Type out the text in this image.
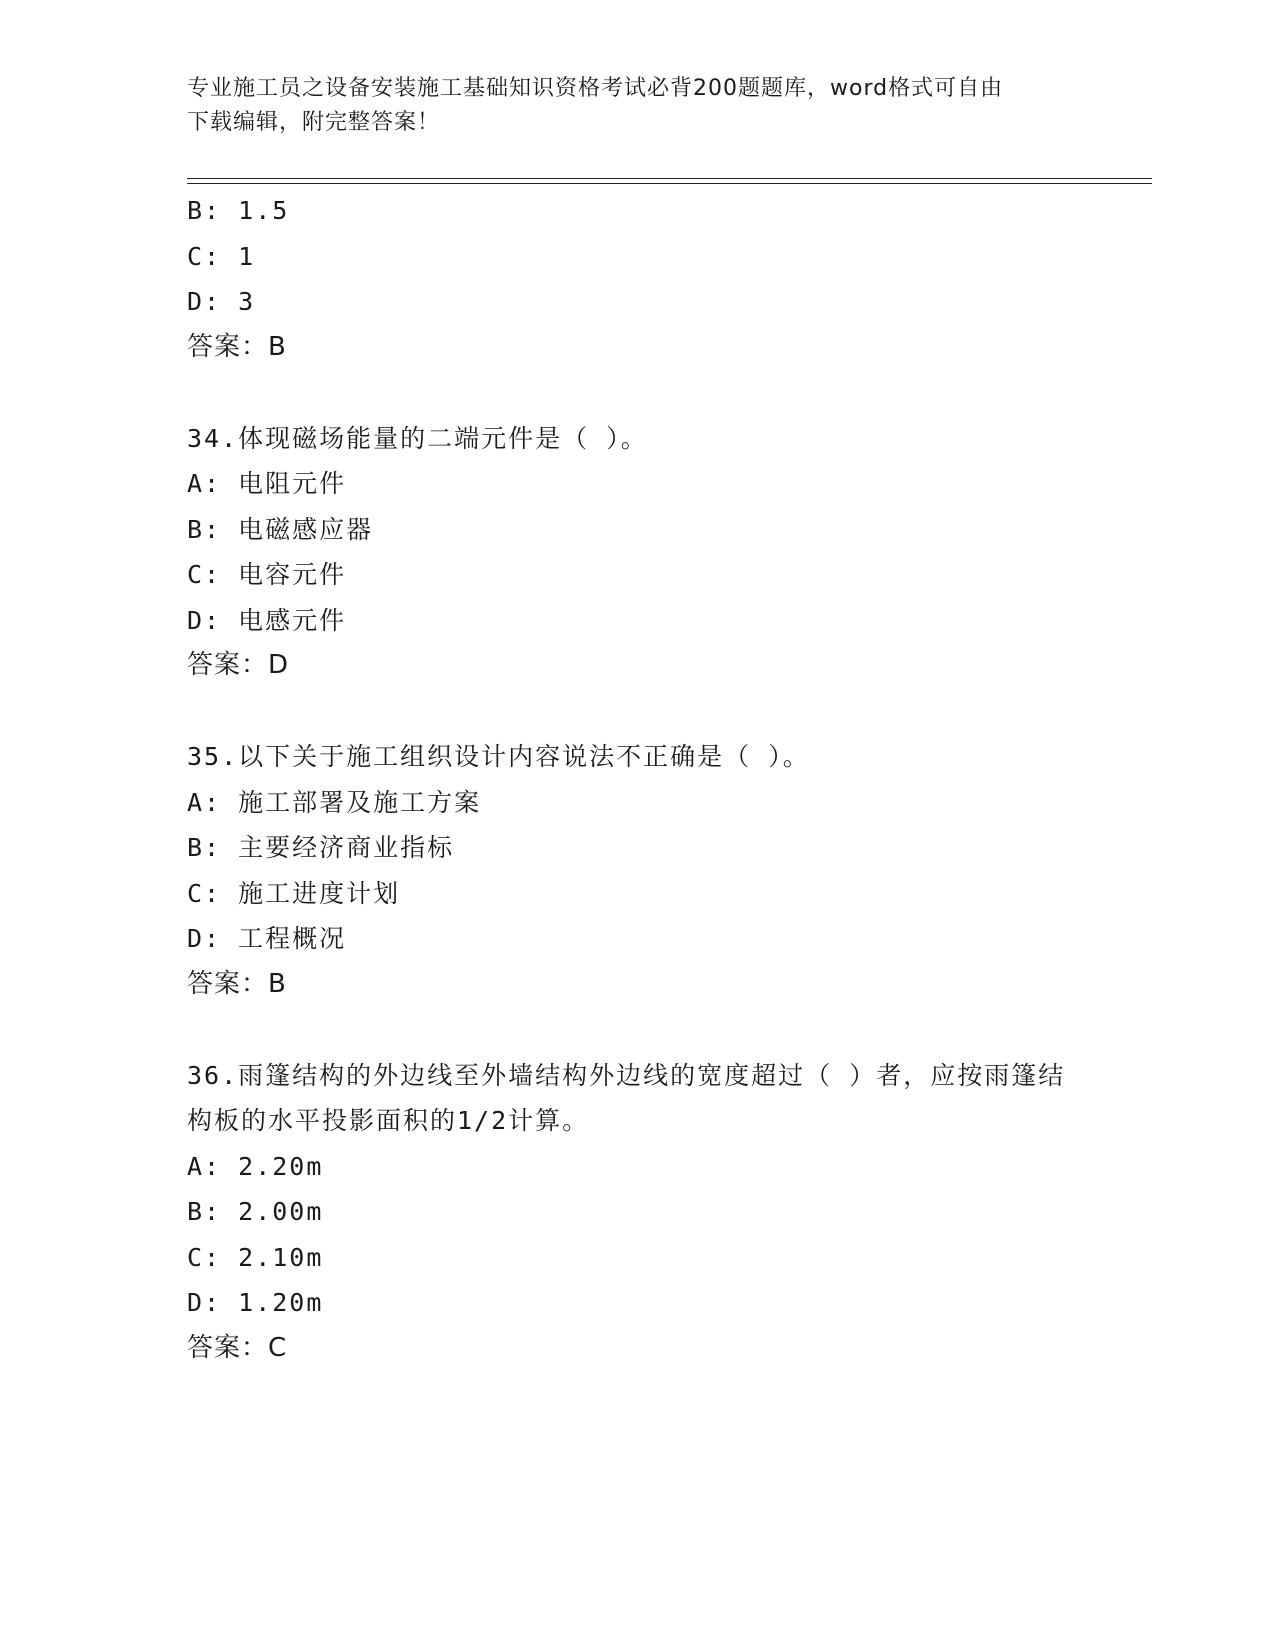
专业施工员之设备安装施工基础知识资格考试必背200题题库，word格式可自由
下载编辑，附完整答案！
B: 1.5
C: 1
D: 3
答案：B
34.体现磁场能量的二端元件是（ ）。
A: 电阻元件
B: 电磁感应器
C: 电容元件
D: 电感元件
答案：D
35.以下关于施工组织设计内容说法不正确是（ ）。
A: 施工部署及施工方案
B: 主要经济商业指标
C: 施工进度计划
D: 工程概况
答案：B
36.雨篷结构的外边线至外墙结构外边线的宽度超过（ ）者，应按雨篷结构板的水平投影面积的1/2计算。
A: 2.20m
B: 2.00m
C: 2.10m
D: 1.20m
答案：C
